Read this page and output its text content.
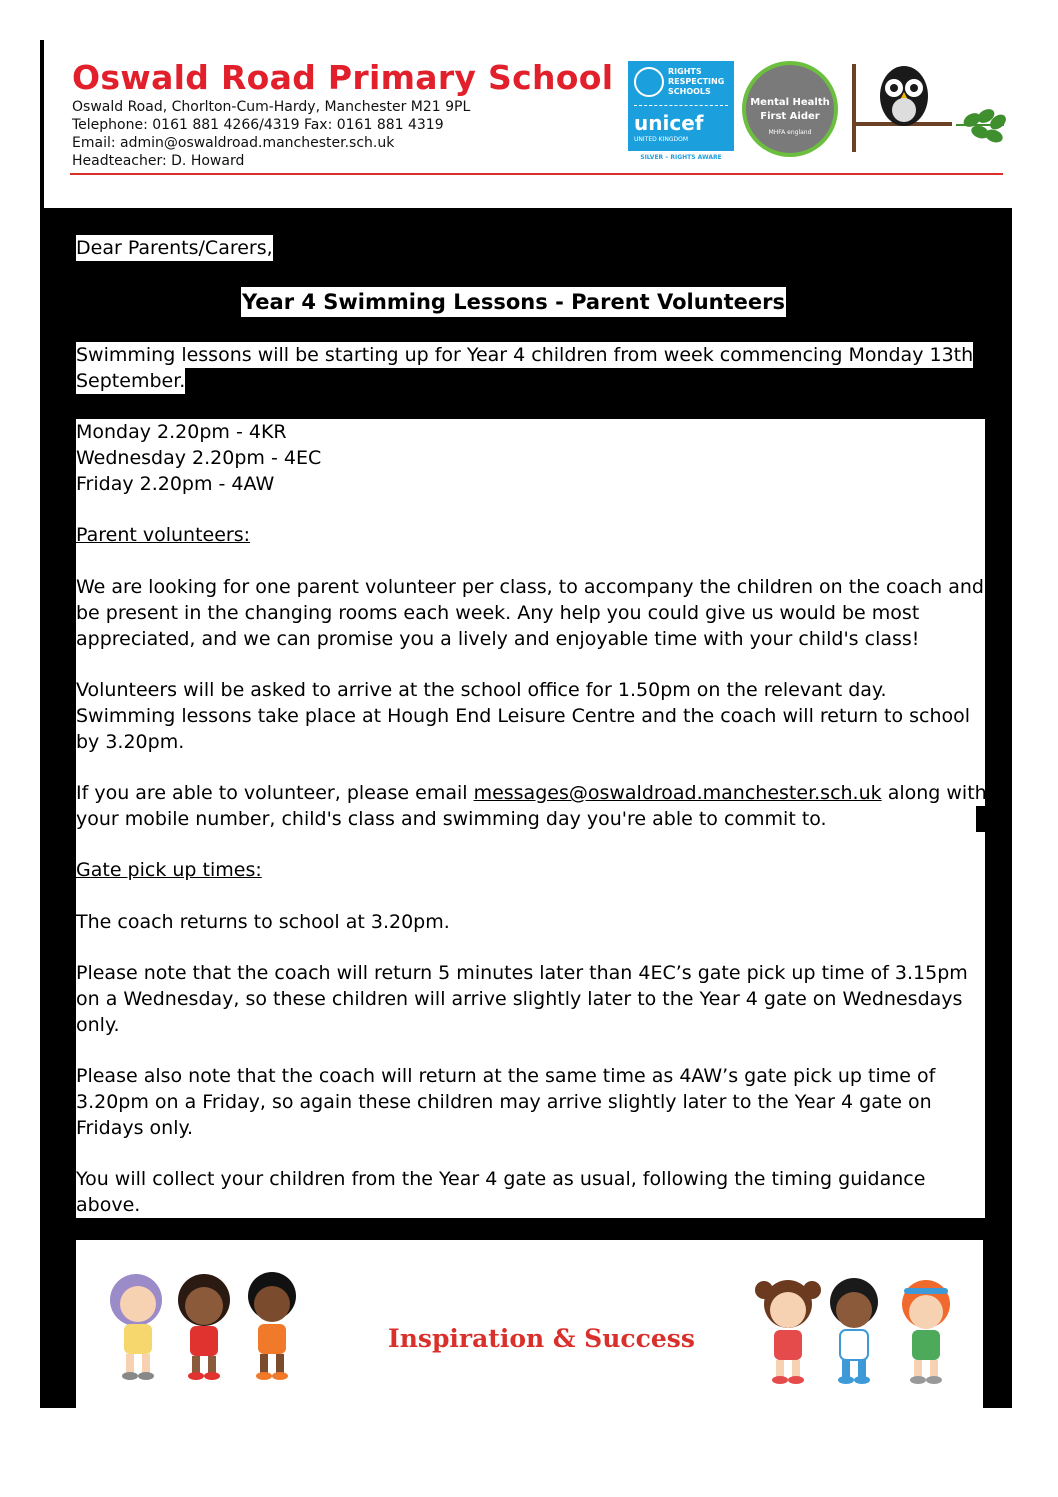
Oswald Road Primary School
Oswald Road, Chorlton-Cum-Hardy, Manchester M21 9PL
Telephone: 0161 881 4266/4319 Fax: 0161 881 4319
Email: admin@oswaldroad.manchester.sch.uk
Headteacher: D. Howard
RIGHTS
RESPECTING
SCHOOLS
unicef
UNITED KINGDOM
SILVER – RIGHTS AWARE
Mental Health
First Aider
MHFA england
Dear Parents/Carers,
Year 4 Swimming Lessons - Parent Volunteers
Swimming lessons will be starting up for Year 4 children from week commencing Monday 13th
September.
Monday 2.20pm - 4KR
Wednesday 2.20pm - 4EC
Friday 2.20pm - 4AW
Parent volunteers:
We are looking for one parent volunteer per class, to accompany the children on the coach and
be present in the changing rooms each week. Any help you could give us would be most
appreciated, and we can promise you a lively and enjoyable time with your child's class!
Volunteers will be asked to arrive at the school office for 1.50pm on the relevant day.
Swimming lessons take place at Hough End Leisure Centre and the coach will return to school
by 3.20pm.
If you are able to volunteer, please email messages@oswaldroad.manchester.sch.uk along with
your mobile number, child's class and swimming day you're able to commit to.
Gate pick up times:
The coach returns to school at 3.20pm.
Please note that the coach will return 5 minutes later than 4EC’s gate pick up time of 3.15pm
on a Wednesday, so these children will arrive slightly later to the Year 4 gate on Wednesdays
only.
Please also note that the coach will return at the same time as 4AW’s gate pick up time of
3.20pm on a Friday, so again these children may arrive slightly later to the Year 4 gate on
Fridays only.
You will collect your children from the Year 4 gate as usual, following the timing guidance
above.
Inspiration & Success
